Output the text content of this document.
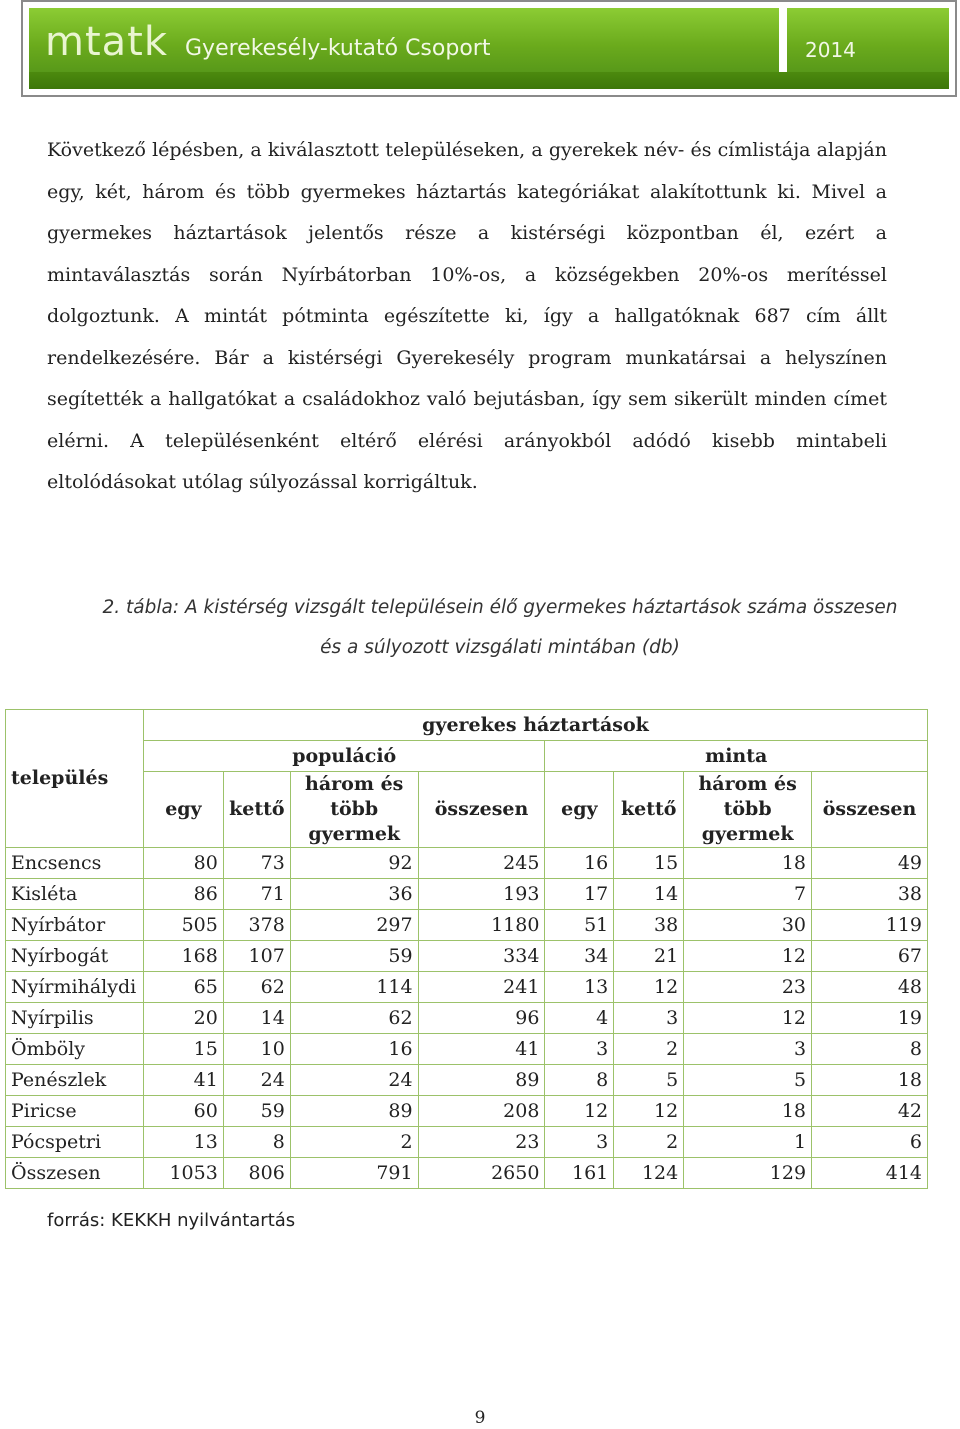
mtatk Gyerekesély-kutató Csoport	2014

Következő lépésben, a kiválasztott településeken, a gyerekek név- és címlistája alapján egy, két, három és több gyermekes háztartás kategóriákat alakítottunk ki. Mivel a gyermekes háztartások jelentős része a kistérségi központban él, ezért a mintaválasztás során Nyírbátorban 10%-os, a községekben 20%-os merítéssel dolgoztunk. A mintát pótminta egészítette ki, így a hallgatóknak 687 cím állt rendelkezésére. Bár a kistérségi Gyerekesély program munkatársai a helyszínen segítették a hallgatókat a családokhoz való bejutásban, így sem sikerült minden címet elérni. A településenként eltérő elérési arányokból adódó kisebb mintabeli eltolódásokat utólag súlyozással korrigáltuk.

2. tábla: A kistérség vizsgált településein élő gyermekes háztartások száma összesen

és a súlyozott vizsgálati mintában (db)

település	gyerekes háztartások							
	populáció				minta			
	egy	kettő	három és több gyermek	összesen	egy	kettő	három és több gyermek	összesen
Encsencs	80	73	92	245	16	15	18	49
Kisléta	86	71	36	193	17	14	7	38
Nyírbátor	505	378	297	1180	51	38	30	119
Nyírbogát	168	107	59	334	34	21	12	67
Nyírmihálydi	65	62	114	241	13	12	23	48
Nyírpilis	20	14	62	96	4	3	12	19
Ömböly	15	10	16	41	3	2	3	8
Penészlek	41	24	24	89	8	5	5	18
Piricse	60	59	89	208	12	12	18	42
Pócspetri	13	8	2	23	3	2	1	6
Összesen	1053	806	791	2650	161	124	129	414
forrás: KEKKH nyilvántartás
9
